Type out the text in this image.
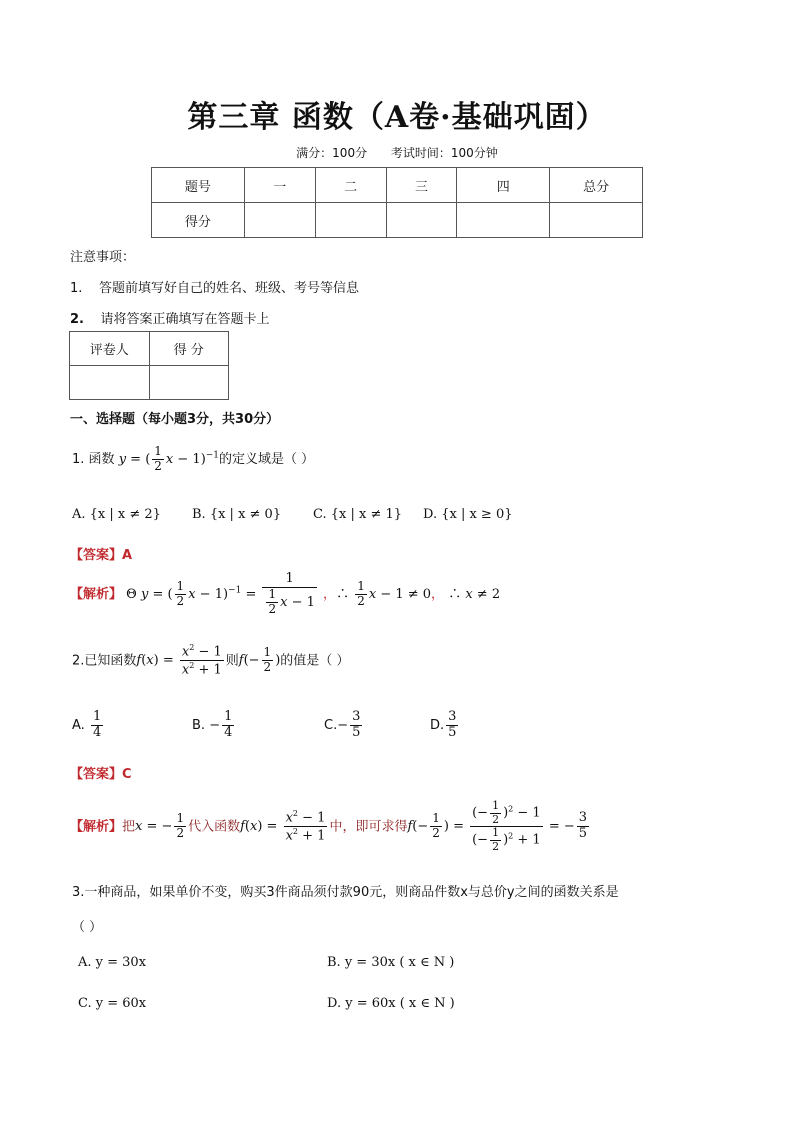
第三章 函数（A卷·基础巩固）
满分：100分 考试时间：100分钟
题号	一	二	三	四	总分
得分					
注意事项：
1. 答题前填写好自己的姓名、班级、考号等信息
2. 请将答案正确填写在答题卡上
评卷人	得 分

一、选择题（每小题3分，共30分）
1. 函数 y = ( $\frac{1}{2}$ x − 1)$^{-1}$的定义域是（ ）
A. {x | x ≠ 2} B. {x | x ≠ 0} C. {x | x ≠ 1} D. {x | x ≥ 0}
【答案】A
【解析】 Θ y = ( $\frac{1}{2}$ $x - 1)^{-1} = \frac{1}{\frac{1}{2} x - 1}$ ，∴ $\frac{1}{2}$ x − 1 ≠ 0， ∴ x ≠ 2
2.已知函数$f(x) = \frac{x^2 - 1}{x^2 + 1}$ 则$f(- \frac{1}{2}$ )的值是（ ）
A. $\frac{1}{4}$	B. − $\frac{1}{4}$	$C.- \frac{3}{5}$	D. $\frac{3}{5}$
【答案】C
【解析】把x = − $\frac{1}{2}$ 代入函数$f(x) = \frac{x^2 - 1}{x^2 + 1}$ 中，即可求得$f(- \frac{1}{2}$ ) = $\frac{(- \frac{1}{2} )^2 - 1}{(- \frac{1}{2} )^2 + 1}$ = − $\frac{3}{5}$
3.一种商品，如果单价不变，购买3件商品须付款90元，则商品件数x与总价y之间的函数关系是
（ ）
A. y = 30x	B. y = 30x ( x ∈ N )
C. y = 60x	D. y = 60x ( x ∈ N )
